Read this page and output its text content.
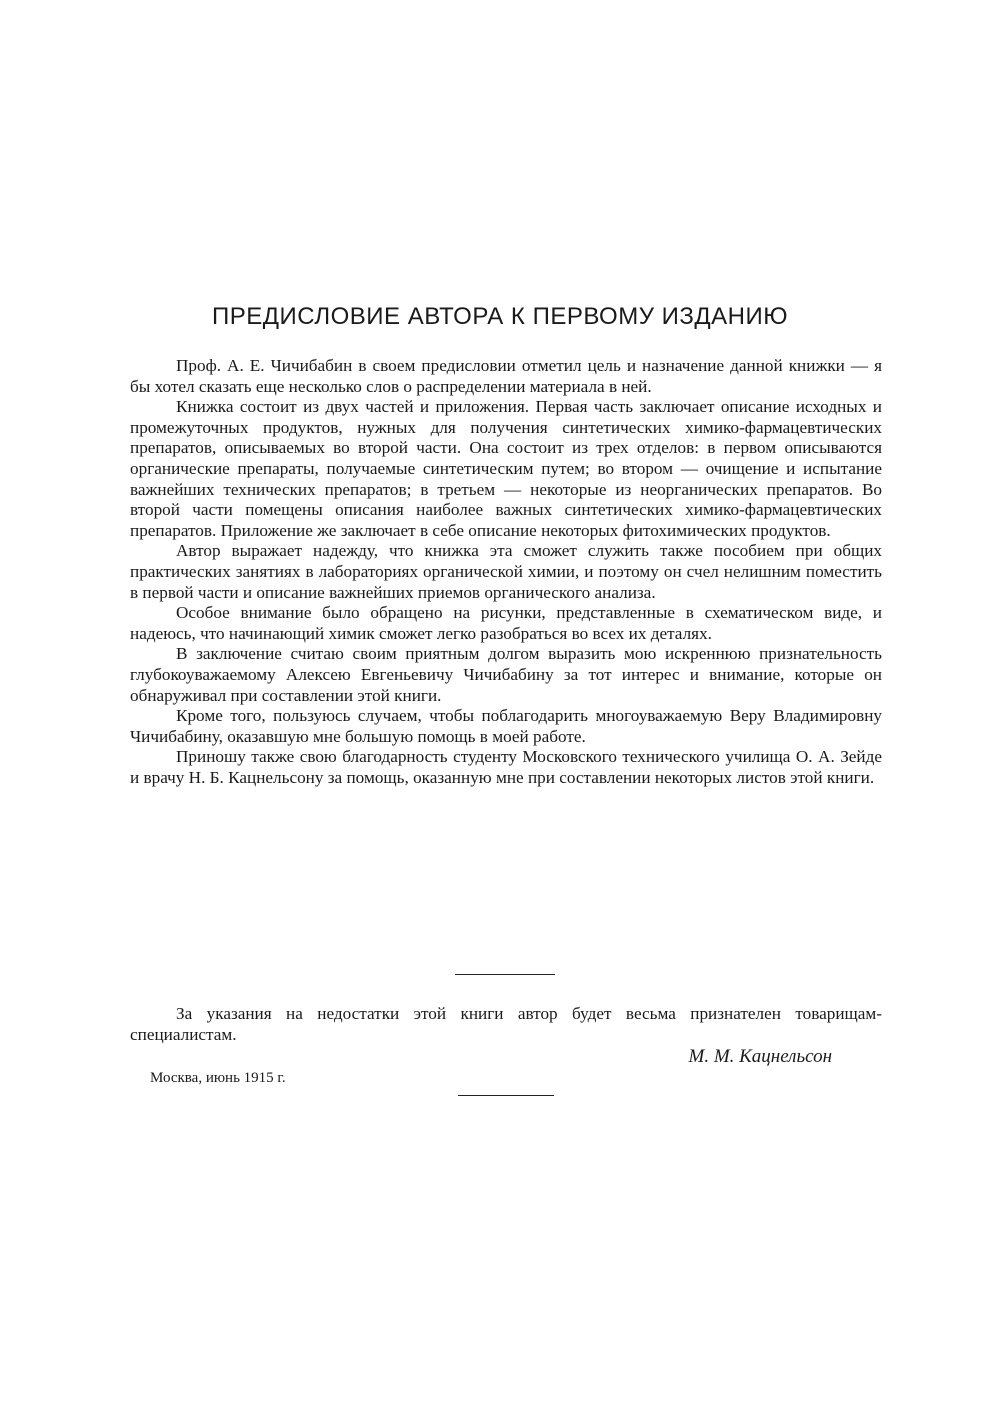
ПРЕДИСЛОВИЕ АВТОРА К ПЕРВОМУ ИЗДАНИЮ

Проф. А. Е. Чичибабин в своем предисловии отметил цель и назначение данной книжки — я бы хотел сказать еще несколько слов о распределении материала в ней.

Книжка состоит из двух частей и приложения. Первая часть заключает описание исходных и промежуточных продуктов, нужных для получения синтетических химико-фармацевтических препаратов, описываемых во второй части. Она состоит из трех отделов: в первом описываются органические препараты, получаемые синтетическим путем; во втором — очищение и испытание важнейших технических препаратов; в третьем — некоторые из неорганических препаратов. Во второй части помещены описания наиболее важных синтетических химико-фармацевтических препаратов. Приложение же заключает в себе описание некоторых фитохимических продуктов.

Автор выражает надежду, что книжка эта сможет служить также пособием при общих практических занятиях в лабораториях органической химии, и поэтому он счел нелишним поместить в первой части и описание важнейших приемов органического анализа.

Особое внимание было обращено на рисунки, представленные в схематическом виде, и надеюсь, что начинающий химик сможет легко разобраться во всех их деталях.

В заключение считаю своим приятным долгом выразить мою искреннюю признательность глубокоуважаемому Алексею Евгеньевичу Чичибабину за тот интерес и внимание, которые он обнаруживал при составлении этой книги.

Кроме того, пользуюсь случаем, чтобы поблагодарить многоуважаемую Веру Владимировну Чичибабину, оказавшую мне большую помощь в моей работе.

Приношу также свою благодарность студенту Московского технического училища О. А. Зейде и врачу Н. Б. Кацнельсону за помощь, оказанную мне при составлении некоторых листов этой книги.

За указания на недостатки этой книги автор будет весьма признателен товарищам-специалистам.

М. М. Кацнельсон
Москва, июнь 1915 г.
